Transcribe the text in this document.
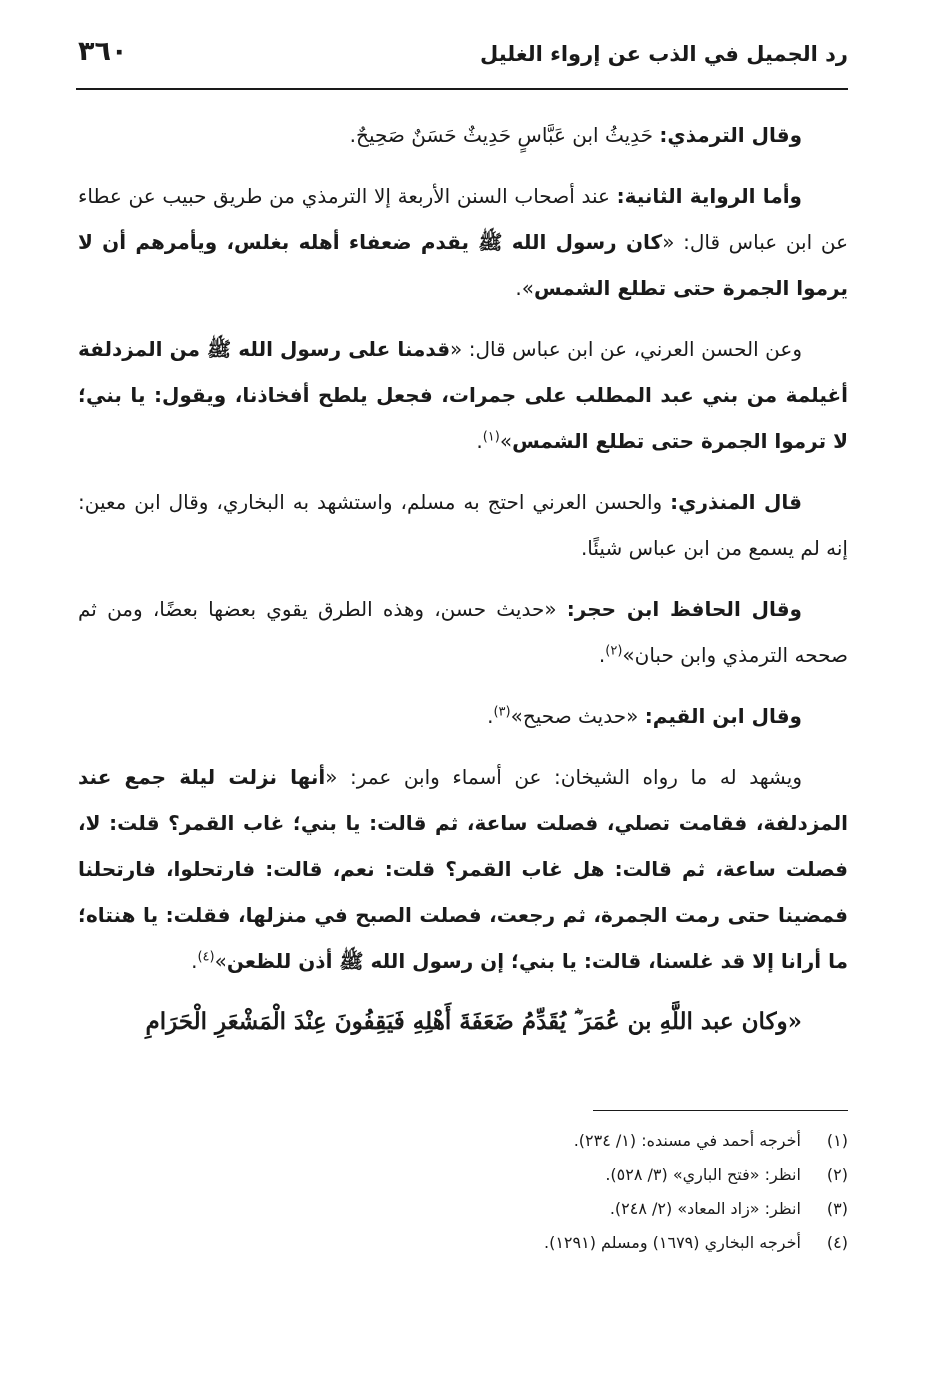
رد الجميل في الذب عن إرواء الغليل
٣٦٠

وقال الترمذي: حَدِيثُ ابن عَبَّاسٍ حَدِيثٌ حَسَنٌ صَحِيحٌ.

وأما الرواية الثانية: عند أصحاب السنن الأربعة إلا الترمذي من طريق حبيب عن عطاء عن ابن عباس قال: «كان رسول الله ﷺ يقدم ضعفاء أهله بغلس، ويأمرهم أن لا يرموا الجمرة حتى تطلع الشمس».

وعن الحسن العرني، عن ابن عباس قال: «قدمنا على رسول الله ﷺ من المزدلفة أغيلمة من بني عبد المطلب على جمرات، فجعل يلطح أفخاذنا، ويقول: يا بني؛ لا ترموا الجمرة حتى تطلع الشمس»$^{(١)}$.

قال المنذري: والحسن العرني احتج به مسلم، واستشهد به البخاري، وقال ابن معين: إنه لم يسمع من ابن عباس شيئًا.

وقال الحافظ ابن حجر: «حديث حسن، وهذه الطرق يقوي بعضها بعضًا، ومن ثم صححه الترمذي وابن حبان»$^{(٢)}$.

وقال ابن القيم: «حديث صحيح»$^{(٣)}$.

ويشهد له ما رواه الشيخان: عن أسماء وابن عمر: «أنها نزلت ليلة جمع عند المزدلفة، فقامت تصلي، فصلت ساعة، ثم قالت: يا بني؛ غاب القمر؟ قلت: لا، فصلت ساعة، ثم قالت: هل غاب القمر؟ قلت: نعم، قالت: فارتحلوا، فارتحلنا فمضينا حتى رمت الجمرة، ثم رجعت، فصلت الصبح في منزلها، فقلت: يا هنتاه؛ ما أرانا إلا قد غلسنا، قالت: يا بني؛ إن رسول الله ﷺ أذن للظعن»$^{(٤)}$.

«وكان عبد اللَّهِ بن عُمَرَ ؓ يُقَدِّمُ ضَعَفَةَ أَهْلِهِ فَيَقِفُونَ عِنْدَ الْمَشْعَرِ الْحَرَامِ

(١) أخرجه أحمد في مسنده: (١/ ٢٣٤).
(٢) انظر: «فتح الباري» (٣/ ٥٢٨).
(٣) انظر: «زاد المعاد» (٢/ ٢٤٨).
(٤) أخرجه البخاري (١٦٧٩) ومسلم (١٢٩١).
